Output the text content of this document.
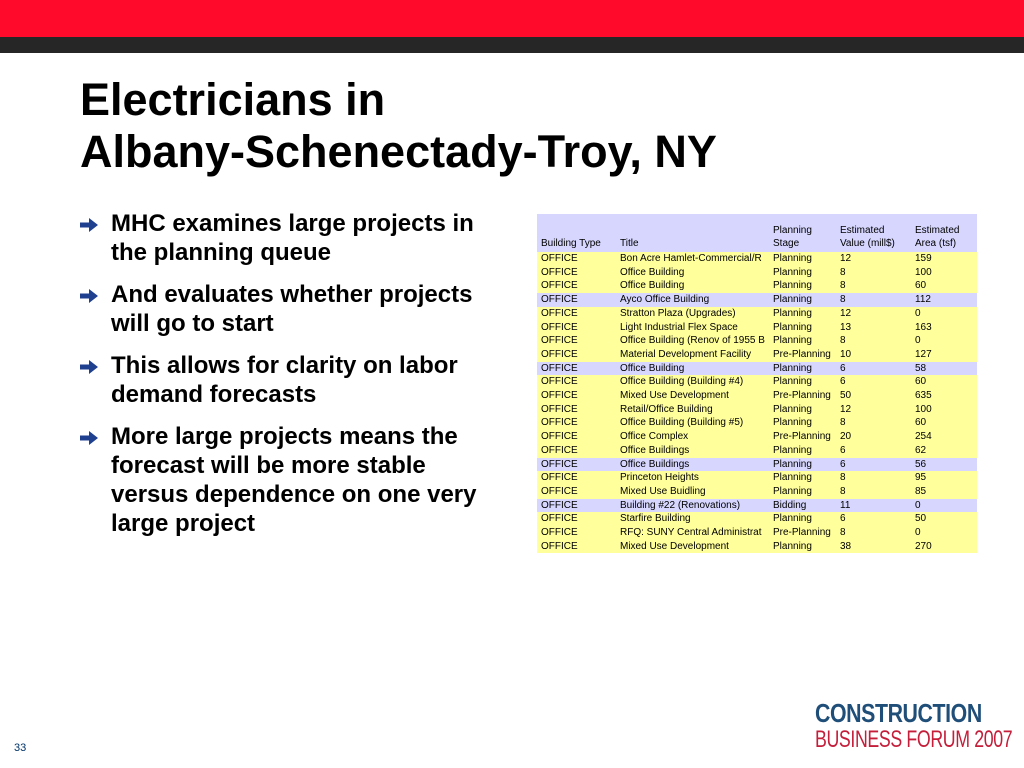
Electricians in
Albany-Schenectady-Troy, NY
MHC examines large projects in the planning queue
And evaluates whether projects will go to start
This allows for clarity on labor demand forecasts
More large projects means the forecast will be more stable versus dependence on one very large project
Building Type	Title	Planning Stage	Estimated Value (mill$)	Estimated Area (tsf)
OFFICE	Bon Acre Hamlet-Commercial/R	Planning	12	159
OFFICE	Office Building	Planning	8	100
OFFICE	Office Building	Planning	8	60
OFFICE	Ayco Office Building	Planning	8	112
OFFICE	Stratton Plaza (Upgrades)	Planning	12	0
OFFICE	Light Industrial Flex Space	Planning	13	163
OFFICE	Office Building (Renov of 1955 B	Planning	8	0
OFFICE	Material Development Facility	Pre-Planning	10	127
OFFICE	Office Building	Planning	6	58
OFFICE	Office Building (Building #4)	Planning	6	60
OFFICE	Mixed Use Development	Pre-Planning	50	635
OFFICE	Retail/Office Building	Planning	12	100
OFFICE	Office Building (Building #5)	Planning	8	60
OFFICE	Office Complex	Pre-Planning	20	254
OFFICE	Office Buildings	Planning	6	62
OFFICE	Office Buildings	Planning	6	56
OFFICE	Princeton Heights	Planning	8	95
OFFICE	Mixed Use Buidling	Planning	8	85
OFFICE	Building #22 (Renovations)	Bidding	11	0
OFFICE	Starfire Building	Planning	6	50
OFFICE	RFQ: SUNY Central Administrat	Pre-Planning	8	0
OFFICE	Mixed Use Development	Planning	38	270
33
CONSTRUCTION
BUSINESS FORUM 2007
